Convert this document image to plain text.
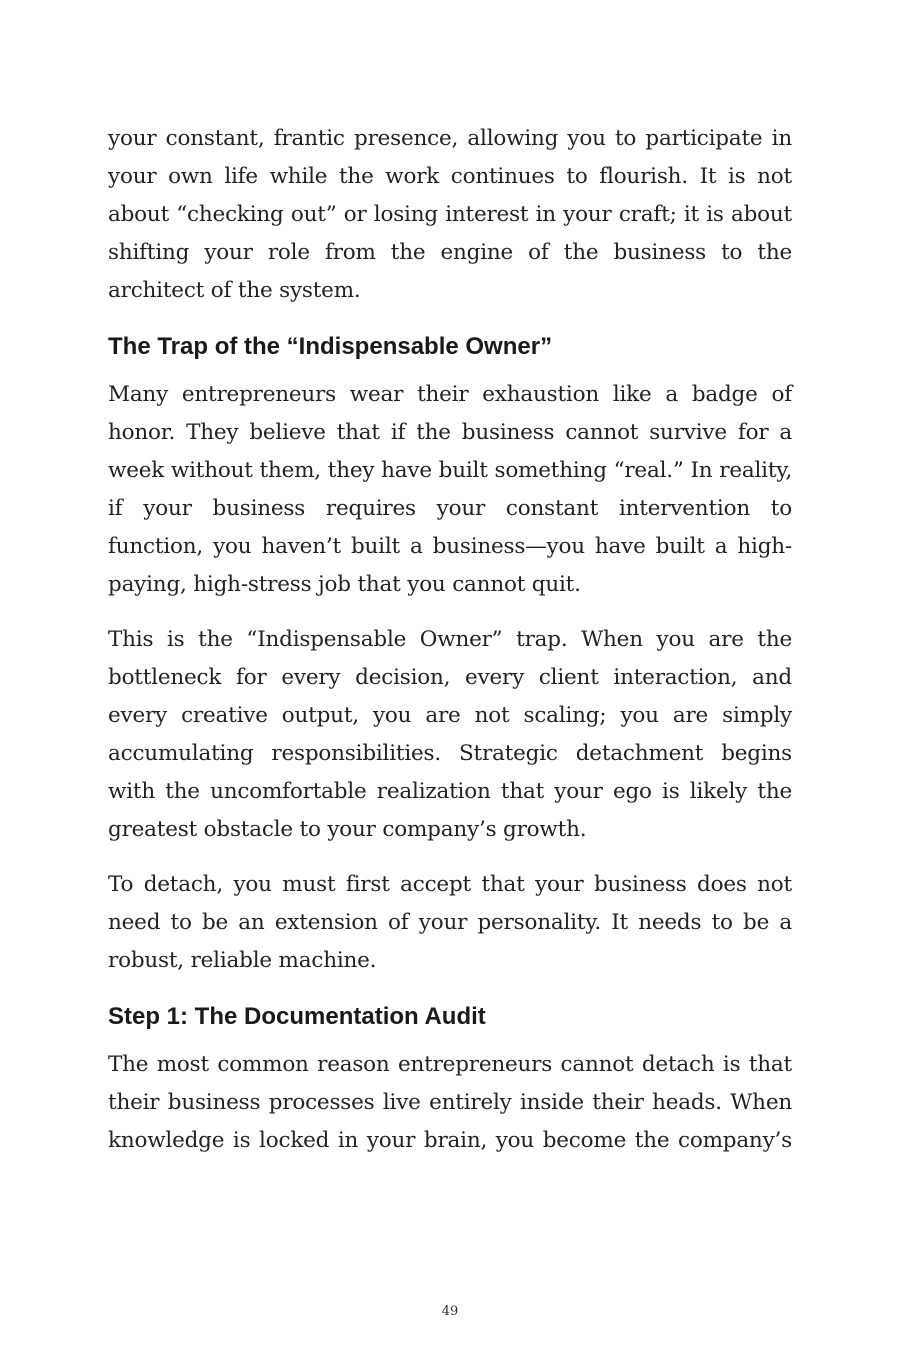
your constant, frantic presence, allowing you to participate in your own life while the work continues to flourish. It is not about “checking out” or losing interest in your craft; it is about shifting your role from the engine of the business to the architect of the system.

The Trap of the “Indispensable Owner”

Many entrepreneurs wear their exhaustion like a badge of honor. They believe that if the business cannot survive for a week without them, they have built something “real.” In reality, if your business requires your constant intervention to function, you haven’t built a business—you have built a high-paying, high-stress job that you cannot quit.

This is the “Indispensable Owner” trap. When you are the bottleneck for every decision, every client interaction, and every creative output, you are not scaling; you are simply accumulating responsibilities. Strategic detachment begins with the uncomfortable realization that your ego is likely the greatest obstacle to your company’s growth.

To detach, you must first accept that your business does not need to be an extension of your personality. It needs to be a robust, reliable machine.

Step 1: The Documentation Audit

The most common reason entrepreneurs cannot detach is that their business processes live entirely inside their heads. When knowledge is locked in your brain, you become the company’s

49
